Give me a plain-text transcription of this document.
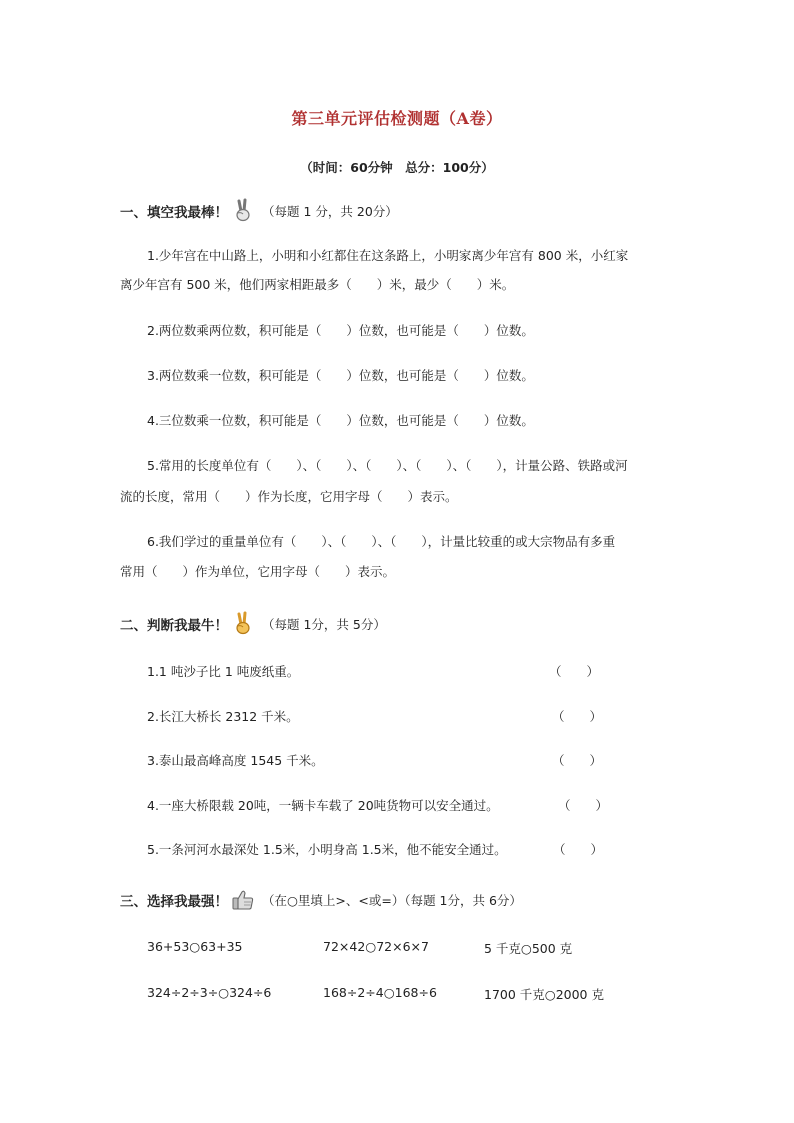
第三单元评估检测题（A卷）
（时间：60分钟　总分：100分）
一、填空我最棒！	（每题 1 分，共 20分）
1.少年宫在中山路上，小明和小红都住在这条路上，小明家离少年宫有 800 米，小红家
离少年宫有 500 米，他们两家相距最多（　　）米，最少（　　）米。
2.两位数乘两位数，积可能是（　　）位数，也可能是（　　）位数。
3.两位数乘一位数，积可能是（　　）位数，也可能是（　　）位数。
4.三位数乘一位数，积可能是（　　）位数，也可能是（　　）位数。
5.常用的长度单位有（　　）、（　　）、（　　）、（　　）、（　　），计量公路、铁路或河
流的长度，常用（　　）作为长度，它用字母（　　）表示。
6.我们学过的重量单位有（　　）、（　　）、（　　），计量比较重的或大宗物品有多重
常用（　　）作为单位，它用字母（　　）表示。
二、判断我最牛！	（每题 1分，共 5分）
1.1 吨沙子比 1 吨废纸重。	（　　）
2.长江大桥长 2312 千米。	（　　）
3.泰山最高峰高度 1545 千米。	（　　）
4.一座大桥限载 20吨，一辆卡车载了 20吨货物可以安全通过。	（　　）
5.一条河河水最深处 1.5米，小明身高 1.5米，他不能安全通过。	（　　）
三、选择我最强！	（在○里填上>、<或=）（每题 1分，共 6分）
36+53○63+35	72×42○72×6×7	5 千克○500 克
324÷2÷3÷○324÷6	168÷2÷4○168÷6	1700 千克○2000 克
